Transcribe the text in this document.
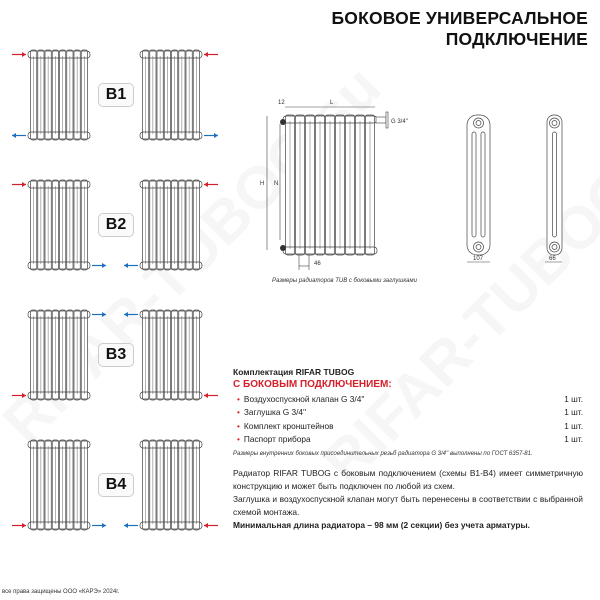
БОКОВОЕ УНИВЕРСАЛЬНОЕ
ПОДКЛЮЧЕНИЕ
B1
B2
B3
B4
12	L
G 3/4''
H N
46
107	66
Размеры радиаторов TUB с боковыми заглушками
Комплектация RIFAR TUBOG
С БОКОВЫМ ПОДКЛЮЧЕНИЕМ:
• Воздухоспускной клапан G 3/4''	1 шт.
• Заглушка G 3/4''	1 шт.
• Комплект кронштейнов	1 шт.
• Паспорт прибора	1 шт.
Размеры внутренних боковых присоединительных резьб радиатора G 3/4'' выполнены по ГОСТ 6357-81.
Радиатор RIFAR TUBOG с боковым подключением (схемы B1-B4) имеет симметричную конструкцию и может быть подключен по любой из схем.
Заглушка и воздухоспускной клапан могут быть перенесены в соответствии с выбранной схемой монтажа.
Минимальная длина радиатора – 98 мм (2 секции) без учета арматуры.
все права защищены ООО «КАРЭ» 2024г.
